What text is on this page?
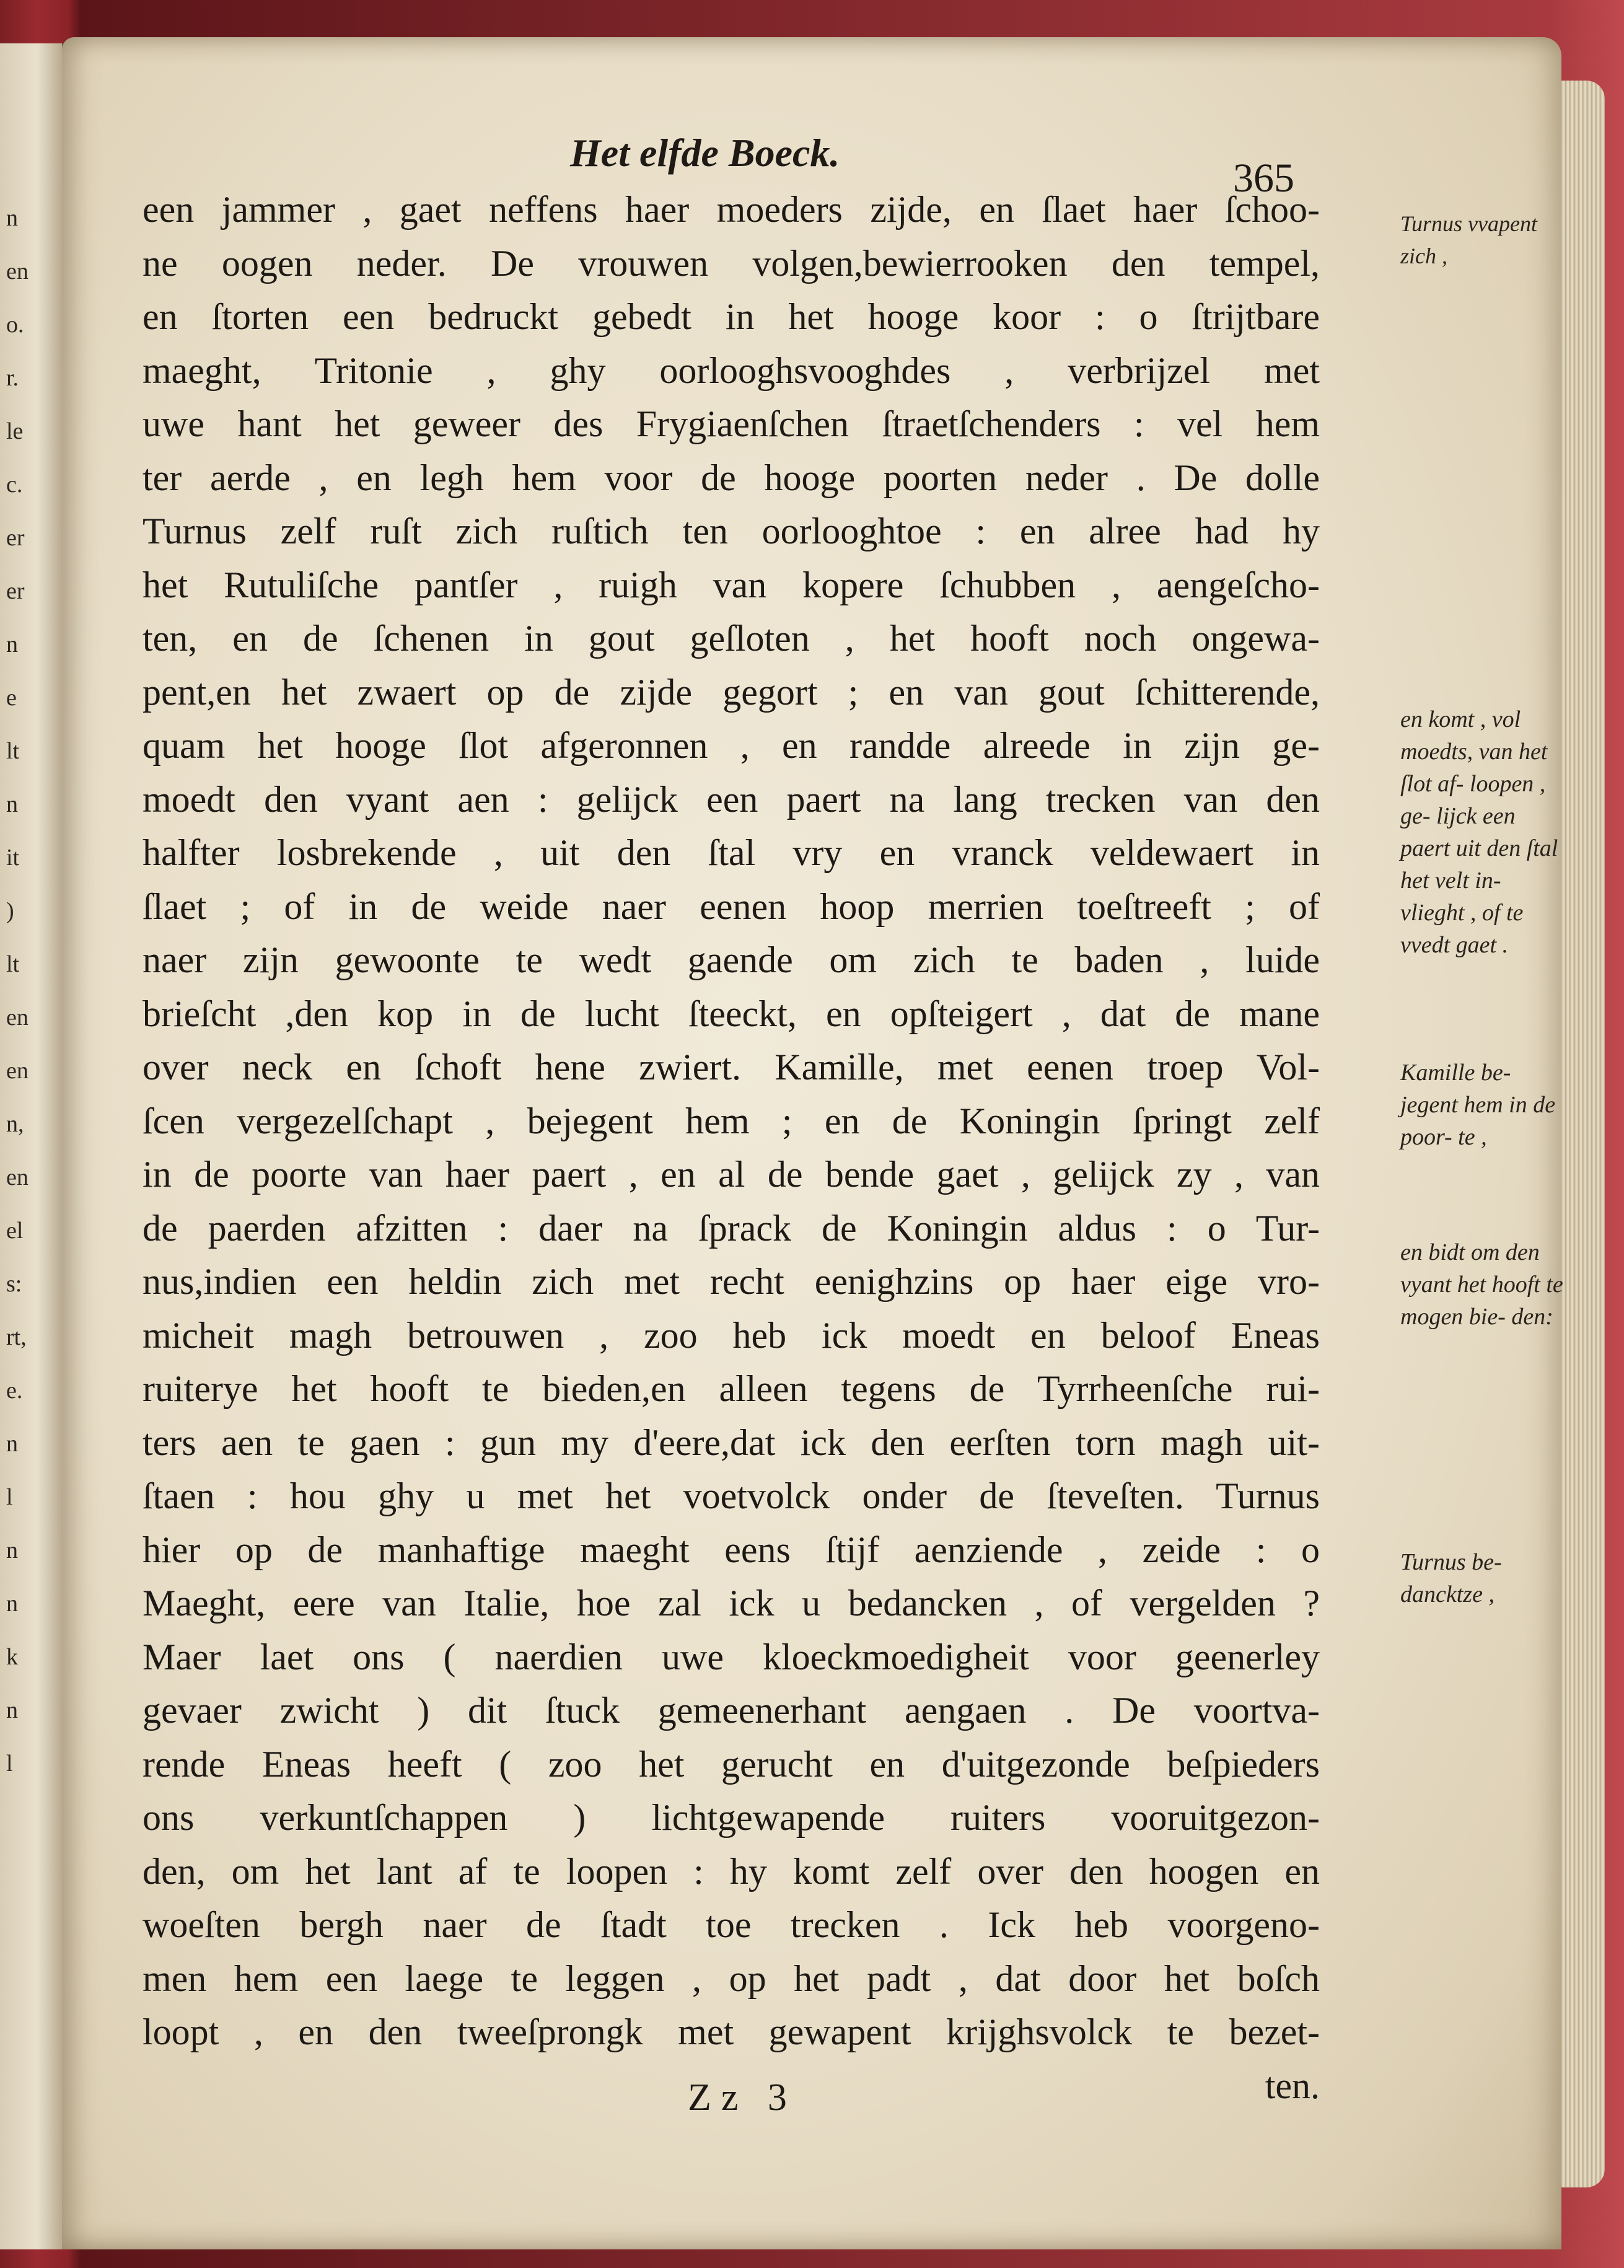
n
en
o.
r.
le
c.
er
er
n
e
lt
n
it
)
lt
en
en
n,
en
el
s:
rt,
e.
n
l
n
n
k
n
l
Het elfde Boeck.
365
een jammer , gaet neffens haer moeders zijde, en ſlaet haer ſchoo-
ne oogen neder. De vrouwen volgen,bewierrooken den tempel,
en ſtorten een bedruckt gebedt in het hooge koor : o ſtrijtbare
maeght, Tritonie , ghy oorlooghsvooghdes , verbrijzel met
uwe hant het geweer des Frygiaenſchen ſtraetſchenders : vel hem
ter aerde , en legh hem voor de hooge poorten neder . De dolle
Turnus zelf ruſt zich ruſtich ten oorlooghtoe : en alree had hy
het Rutuliſche pantſer , ruigh van kopere ſchubben , aengeſcho-
ten, en de ſchenen in gout geſloten , het hooft noch ongewa-
pent,en het zwaert op de zijde gegort ; en van gout ſchitterende,
quam het hooge ſlot afgeronnen , en randde alreede in zijn ge-
moedt den vyant aen : gelijck een paert na lang trecken van den
halfter losbrekende , uit den ſtal vry en vranck veldewaert in
ſlaet ; of in de weide naer eenen hoop merrien toeſtreeft ; of
naer zijn gewoonte te wedt gaende om zich te baden , luide
brieſcht ,den kop in de lucht ſteeckt, en opſteigert , dat de mane
over neck en ſchoft hene zwiert. Kamille, met eenen troep Vol-
ſcen vergezelſchapt , bejegent hem ; en de Koningin ſpringt zelf
in de poorte van haer paert , en al de bende gaet , gelijck zy , van
de paerden afzitten : daer na ſprack de Koningin aldus : o Tur-
nus,indien een heldin zich met recht eenighzins op haer eige vro-
micheit magh betrouwen , zoo heb ick moedt en beloof Eneas
ruiterye het hooft te bieden,en alleen tegens de Tyrrheenſche rui-
ters aen te gaen : gun my d'eere,dat ick den eerſten torn magh uit-
ſtaen : hou ghy u met het voetvolck onder de ſteveſten. Turnus
hier op de manhaftige maeght eens ſtijf aenziende , zeide : o
Maeght, eere van Italie, hoe zal ick u bedancken , of vergelden ?
Maer laet ons ( naerdien uwe kloeckmoedigheit voor geenerley
gevaer zwicht ) dit ſtuck gemeenerhant aengaen . De voortva-
rende Eneas heeft ( zoo het gerucht en d'uitgezonde beſpieders
ons verkuntſchappen ) lichtgewapende ruiters vooruitgezon-
den, om het lant af te loopen : hy komt zelf over den hoogen en
woeſten bergh naer de ſtadt toe trecken . Ick heb voorgeno-
men hem een laege te leggen , op het padt , dat door het boſch
loopt , en den tweeſprongk met gewapent krijghsvolck te bezet-
ten.
Turnus vvapent zich ,
en komt , vol moedts, van het ſlot af- loopen , ge- lijck een paert uit den ſtal het velt in- vlieght , of te vvedt gaet .
Kamille be- jegent hem in de poor- te ,
en bidt om den vyant het hooft te mogen bie- den:
Turnus be- dancktze ,
Zz 3
